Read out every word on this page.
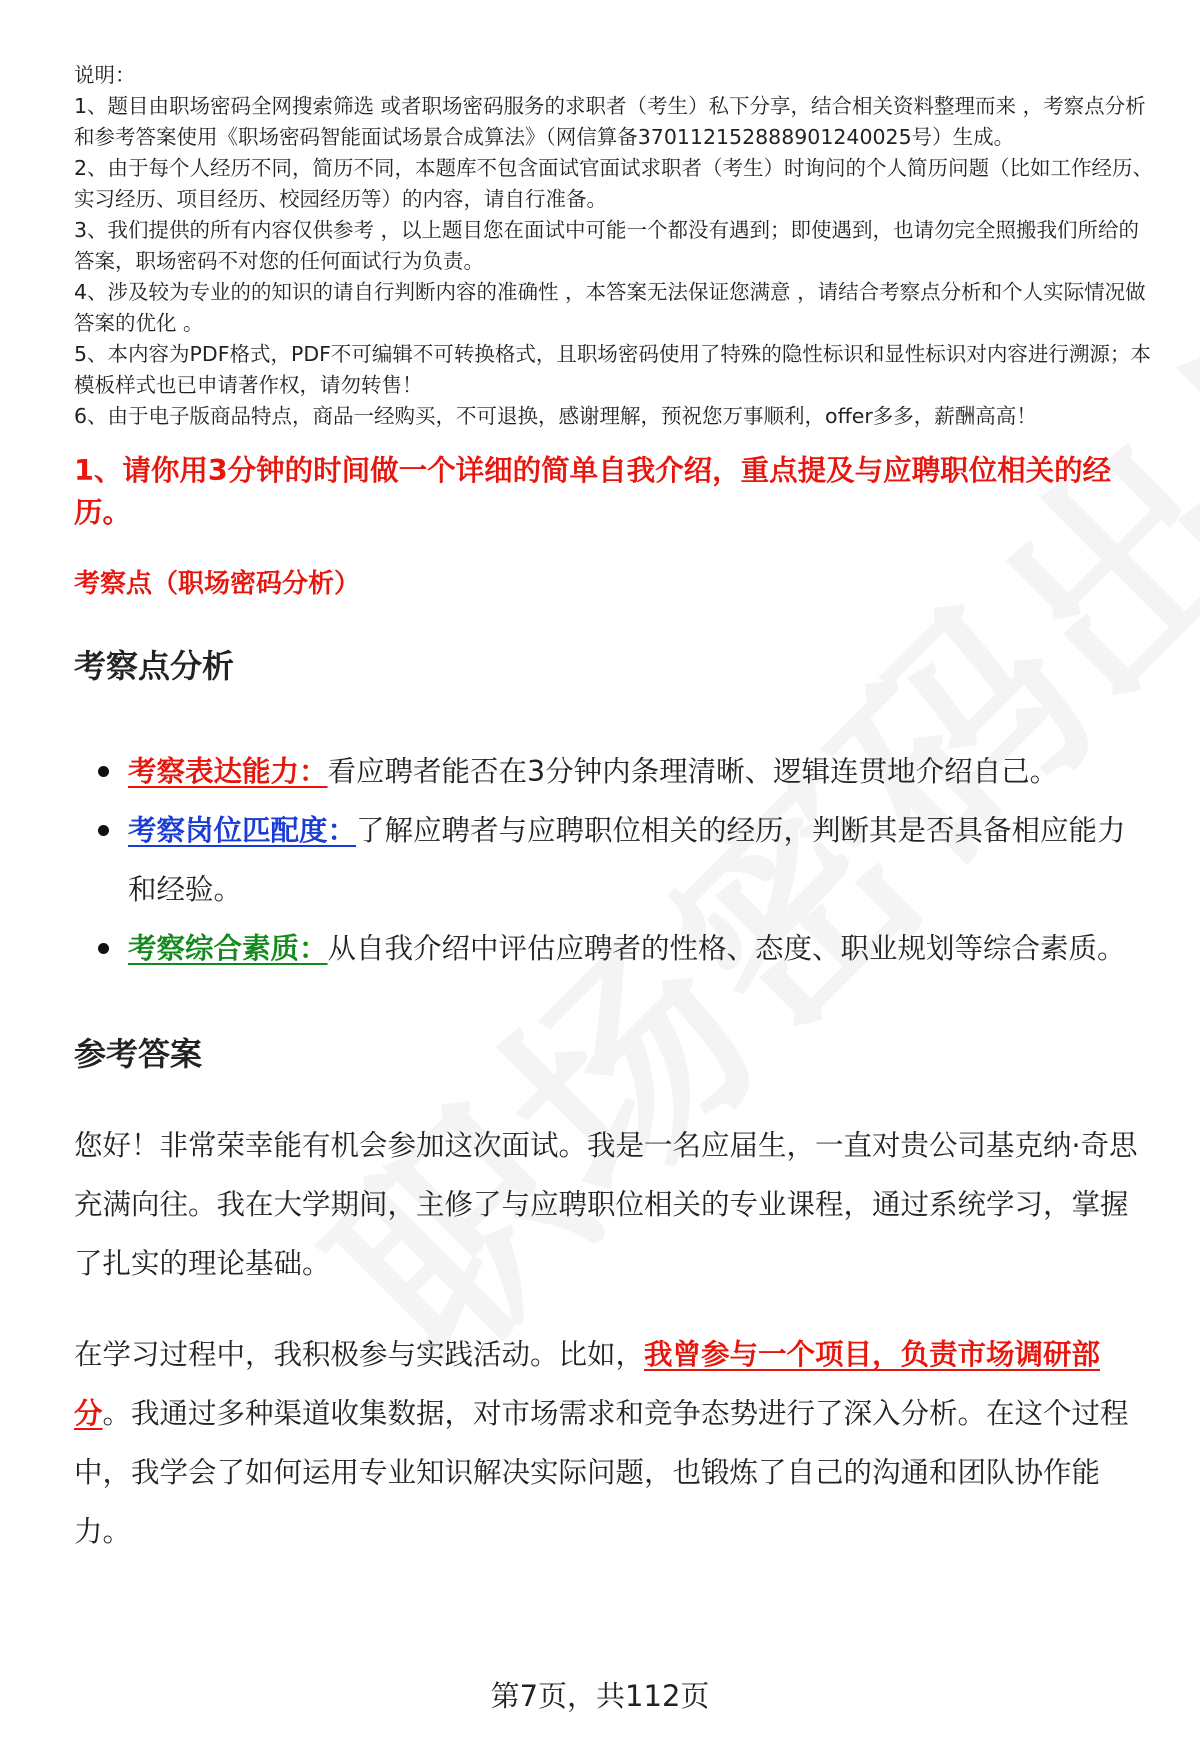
说明：

1、题目由职场密码全网搜索筛选 或者职场密码服务的求职者（考生）私下分享，结合相关资料整理而来 ，考察点分析和参考答案使用《职场密码智能面试场景合成算法》（网信算备370112152888901240025号）生成。

2、由于每个人经历不同，简历不同，本题库不包含面试官面试求职者（考生）时询问的个人简历问题（比如工作经历、实习经历、项目经历、校园经历等）的内容，请自行准备。

3、我们提供的所有内容仅供参考 ，以上题目您在面试中可能一个都没有遇到；即使遇到，也请勿完全照搬我们所给的答案，职场密码不对您的任何面试行为负责。

4、涉及较为专业的的知识的请自行判断内容的准确性 ，本答案无法保证您满意 ，请结合考察点分析和个人实际情况做答案的优化 。

5、本内容为PDF格式，PDF不可编辑不可转换格式，且职场密码使用了特殊的隐性标识和显性标识对内容进行溯源；本模板样式也已申请著作权，请勿转售！

6、由于电子版商品特点，商品一经购买，不可退换，感谢理解，预祝您万事顺利，offer多多，薪酬高高！

1、请你用3分钟的时间做一个详细的简单自我介绍，重点提及与应聘职位相关的经历。
考察点（职场密码分析）
考察点分析
考察表达能力：看应聘者能否在3分钟内条理清晰、逻辑连贯地介绍自己。
考察岗位匹配度：了解应聘者与应聘职位相关的经历，判断其是否具备相应能力和经验。
考察综合素质：从自我介绍中评估应聘者的性格、态度、职业规划等综合素质。
参考答案

您好！非常荣幸能有机会参加这次面试。我是一名应届生，一直对贵公司基克纳·奇思充满向往。我在大学期间，主修了与应聘职位相关的专业课程，通过系统学习，掌握了扎实的理论基础。

在学习过程中，我积极参与实践活动。比如，我曾参与一个项目，负责市场调研部分。我通过多种渠道收集数据，对市场需求和竞争态势进行了深入分析。在这个过程中，我学会了如何运用专业知识解决实际问题，也锻炼了自己的沟通和团队协作能力。

第7页，共112页
